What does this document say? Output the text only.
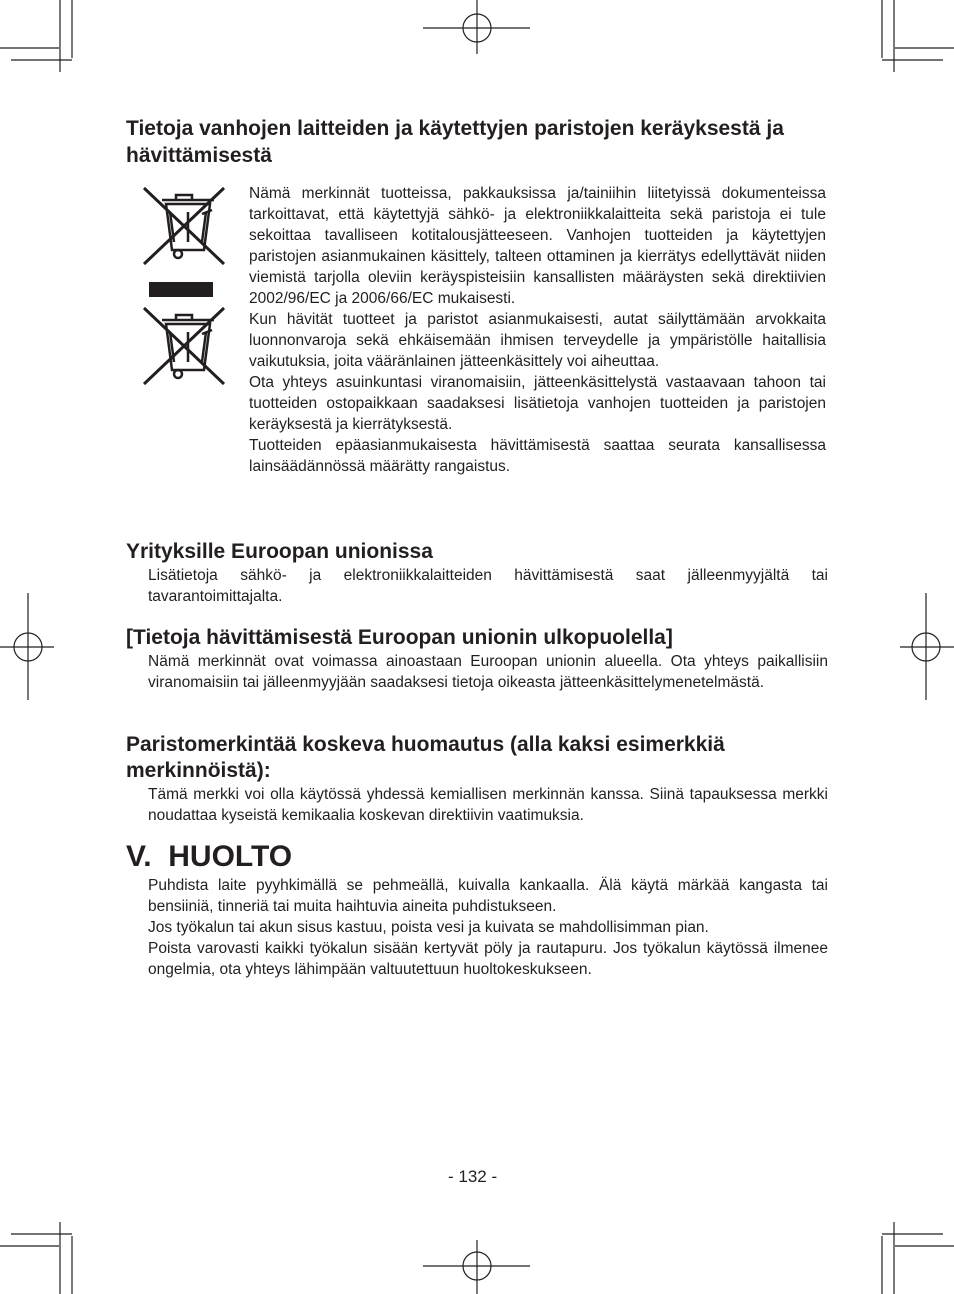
Tietoja vanhojen laitteiden ja käytettyjen paristojen keräyksestä ja hävittämisestä

Nämä merkinnät tuotteissa, pakkauksissa ja/tainiihin liitetyissä dokumenteissa tarkoittavat, että käytettyjä sähkö- ja elektroniikkalaitteita sekä paristoja ei tule sekoittaa tavalliseen kotitalousjätteeseen. Vanhojen tuotteiden ja käytettyjen paristojen asianmukainen käsittely, talteen ottaminen ja kierrätys edellyttävät niiden viemistä tarjolla oleviin keräyspisteisiin kansallisten määräysten sekä direktiivien 2002/96/EC ja 2006/66/EC mukaisesti.

Kun hävität tuotteet ja paristot asianmukaisesti, autat säilyttämään arvokkaita luonnonvaroja sekä ehkäisemään ihmisen terveydelle ja ympäristölle haitallisia vaikutuksia, joita vääränlainen jätteenkäsittely voi aiheuttaa.

Ota yhteys asuinkuntasi viranomaisiin, jätteenkäsittelystä vastaavaan tahoon tai tuotteiden ostopaikkaan saadaksesi lisätietoja vanhojen tuotteiden ja paristojen keräyksestä ja kierrätyksestä.

Tuotteiden epäasianmukaisesta hävittämisestä saattaa seurata kansallisessa lainsäädännössä määrätty rangaistus.

Yrityksille Euroopan unionissa
Lisätietoja sähkö- ja elektroniikkalaitteiden hävittämisestä saat jälleenmyyjältä tai tavarantoimittajalta.
[Tietoja hävittämisestä Euroopan unionin ulkopuolella]
Nämä merkinnät ovat voimassa ainoastaan Euroopan unionin alueella. Ota yhteys paikallisiin viranomaisiin tai jälleenmyyjään saadaksesi tietoja oikeasta jätteenkäsittelymenetelmästä.
Paristomerkintää koskeva huomautus (alla kaksi esimerkkiä merkinnöistä):
Tämä merkki voi olla käytössä yhdessä kemiallisen merkinnän kanssa. Siinä tapauksessa merkki noudattaa kyseistä kemikaalia koskevan direktiivin vaatimuksia.
V.  HUOLTO

Puhdista laite pyyhkimällä se pehmeällä, kuivalla kankaalla. Älä käytä märkää kangasta tai bensiiniä, tinneriä tai muita haihtuvia aineita puhdistukseen.

Jos työkalun tai akun sisus kastuu, poista vesi ja kuivata se mahdollisimman pian.

Poista varovasti kaikki työkalun sisään kertyvät pöly ja rautapuru. Jos työkalun käytössä ilmenee ongelmia, ota yhteys lähimpään valtuutettuun huoltokeskukseen.

- 132 -
